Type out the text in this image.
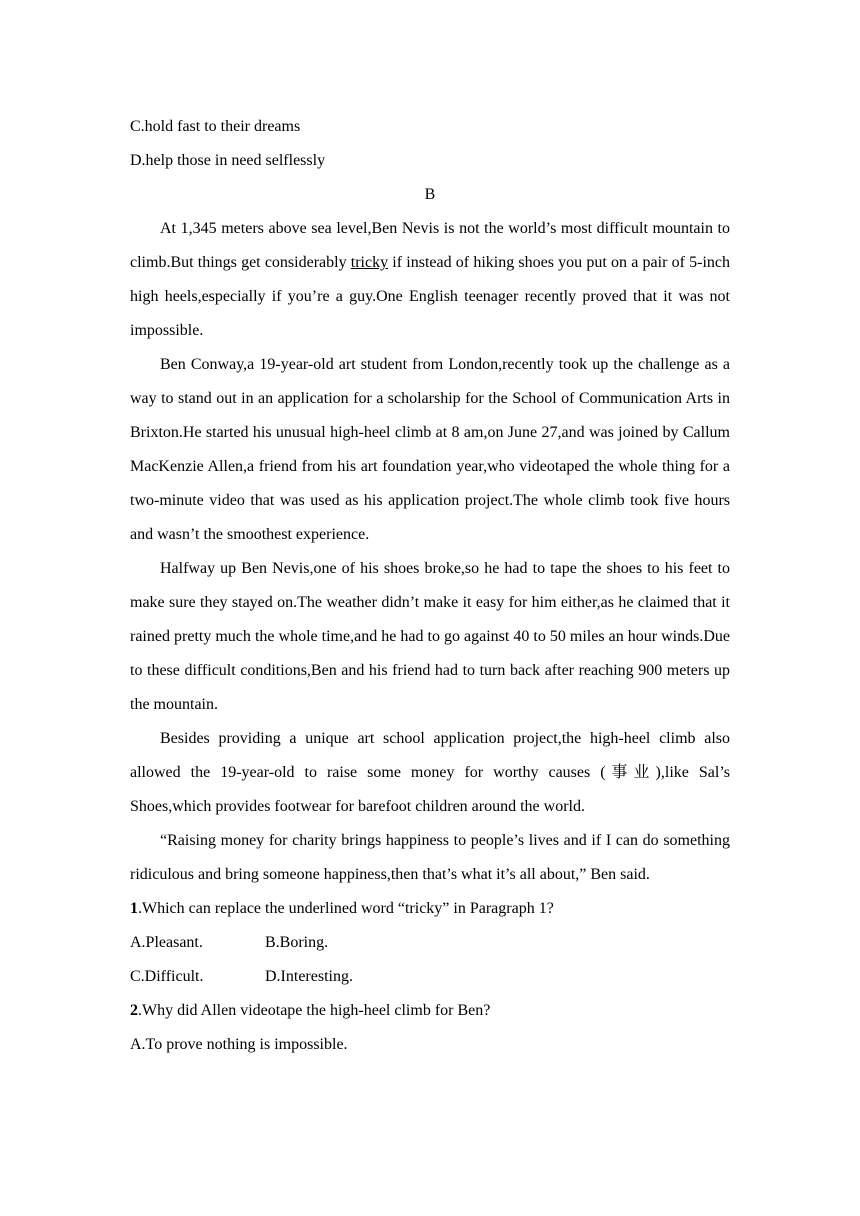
C.hold fast to their dreams

D.help those in need selflessly

B

At 1,345 meters above sea level,Ben Nevis is not the world’s most difficult mountain to climb.But things get considerably tricky if instead of hiking shoes you put on a pair of 5-inch high heels,especially if you’re a guy.One English teenager recently proved that it was not impossible.

Ben Conway,a 19-year-old art student from London,recently took up the challenge as a way to stand out in an application for a scholarship for the School of Communication Arts in Brixton.He started his unusual high-heel climb at 8 am,on June 27,and was joined by Callum MacKenzie Allen,a friend from his art foundation year,who videotaped the whole thing for a two-minute video that was used as his application project.The whole climb took five hours and wasn’t the smoothest experience.

Halfway up Ben Nevis,one of his shoes broke,so he had to tape the shoes to his feet to make sure they stayed on.The weather didn’t make it easy for him either,as he claimed that it rained pretty much the whole time,and he had to go against 40 to 50 miles an hour winds.Due to these difficult conditions,Ben and his friend had to turn back after reaching 900 meters up the mountain.

Besides providing a unique art school application project,the high-heel climb also allowed the 19-year-old to raise some money for worthy causes (事业),like Sal’s Shoes,which provides footwear for barefoot children around the world.

“Raising money for charity brings happiness to people’s lives and if I can do something ridiculous and bring someone happiness,then that’s what it’s all about,” Ben said.

1.Which can replace the underlined word “tricky” in Paragraph 1?

A.Pleasant.	B.Boring.
C.Difficult.	D.Interesting.

2.Why did Allen videotape the high-heel climb for Ben?

A.To prove nothing is impossible.
